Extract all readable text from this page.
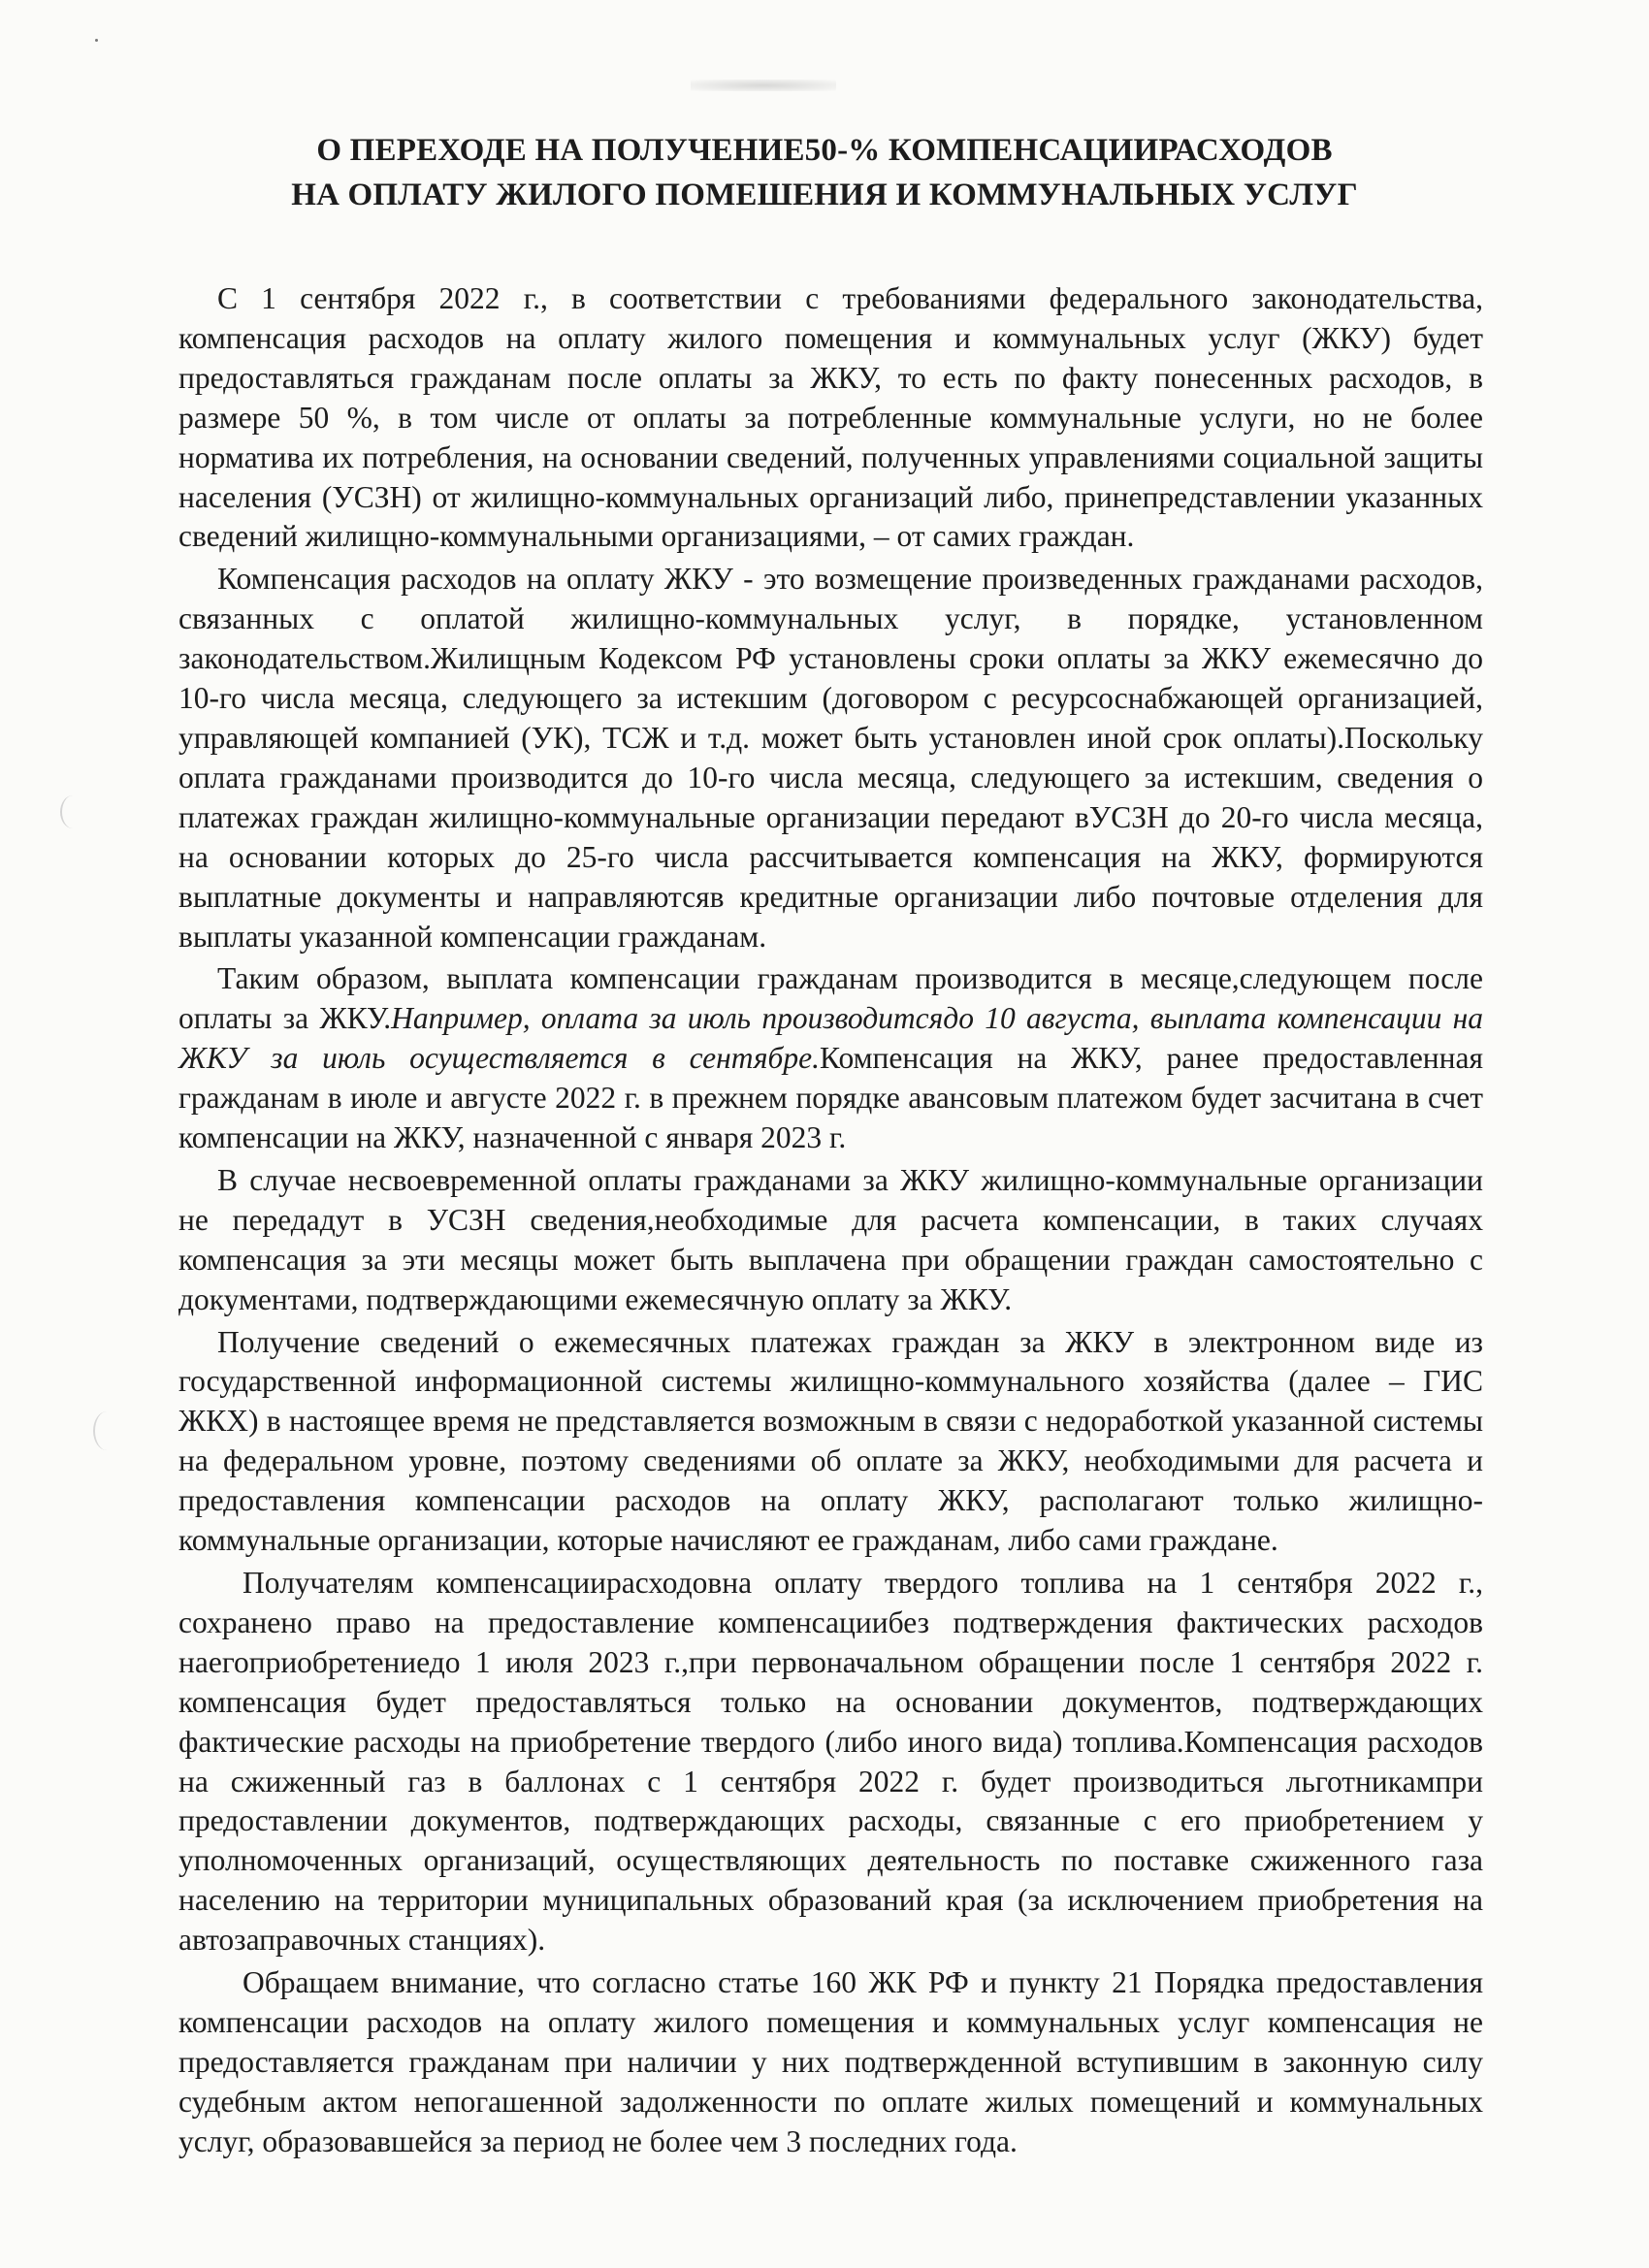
О ПЕРЕХОДЕ НА ПОЛУЧЕНИЕ50-% КОМПЕНСАЦИИРАСХОДОВ
НА ОПЛАТУ ЖИЛОГО ПОМЕШЕНИЯ И КОММУНАЛЬНЫХ УСЛУГ

С 1 сентября 2022 г., в соответствии с требованиями федерального законодательства, компенсация расходов на оплату жилого помещения и коммунальных услуг (ЖКУ) будет предоставляться гражданам после оплаты за ЖКУ, то есть по факту понесенных расходов, в размере 50 %, в том числе от оплаты за потребленные коммунальные услуги, но не более норматива их потребления, на основании сведений, полученных управлениями социальной защиты населения (УСЗН) от жилищно-коммунальных организаций либо, принепредставлении указанных сведений жилищно-коммунальными организациями, – от самих граждан.

Компенсация расходов на оплату ЖКУ - это возмещение произведенных гражданами расходов, связанных с оплатой жилищно-коммунальных услуг, в порядке, установленном законодательством.Жилищным Кодексом РФ установлены сроки оплаты за ЖКУ ежемесячно до 10-го числа месяца, следующего за истекшим (договором с ресурсоснабжающей организацией, управляющей компанией (УК), ТСЖ и т.д. может быть установлен иной срок оплаты).Поскольку оплата гражданами производится до 10-го числа месяца, следующего за истекшим, сведения о платежах граждан жилищно-коммунальные организации передают вУСЗН до 20-го числа месяца, на основании которых до 25-го числа рассчитывается компенсация на ЖКУ, формируются выплатные документы и направляютсяв кредитные организации либо почтовые отделения для выплаты указанной компенсации гражданам.

Таким образом, выплата компенсации гражданам производится в месяце,следующем после оплаты за ЖКУ.Например, оплата за июль производитсядо 10 августа, выплата компенсации на ЖКУ за июль осуществляется в сентябре.Компенсация на ЖКУ, ранее предоставленная гражданам в июле и августе 2022 г. в прежнем порядке авансовым платежом будет засчитана в счет компенсации на ЖКУ, назначенной с января 2023 г.

В случае несвоевременной оплаты гражданами за ЖКУ жилищно-коммунальные организации не передадут в УСЗН сведения,необходимые для расчета компенсации, в таких случаях компенсация за эти месяцы может быть выплачена при обращении граждан самостоятельно с документами, подтверждающими ежемесячную оплату за ЖКУ.

Получение сведений о ежемесячных платежах граждан за ЖКУ в электронном виде из государственной информационной системы жилищно-коммунального хозяйства (далее – ГИС ЖКХ) в настоящее время не представляется возможным в связи с недоработкой указанной системы на федеральном уровне, поэтому сведениями об оплате за ЖКУ, необходимыми для расчета и предоставления компенсации расходов на оплату ЖКУ, располагают только жилищно-коммунальные организации, которые начисляют ее гражданам, либо сами граждане.

Получателям компенсациирасходовна оплату твердого топлива на 1 сентября 2022 г., сохранено право на предоставление компенсациибез подтверждения фактических расходов наегоприобретениедо 1 июля 2023 г.,при первоначальном обращении после 1 сентября 2022 г. компенсация будет предоставляться только на основании документов, подтверждающих фактические расходы на приобретение твердого (либо иного вида) топлива.Компенсация расходов на сжиженный газ в баллонах с 1 сентября 2022 г. будет производиться льготникампри предоставлении документов, подтверждающих расходы, связанные с его приобретением у уполномоченных организаций, осуществляющих деятельность по поставке сжиженного газа населению на территории муниципальных образований края (за исключением приобретения на автозаправочных станциях).

Обращаем внимание, что согласно статье 160 ЖК РФ и пункту 21 Порядка предоставления компенсации расходов на оплату жилого помещения и коммунальных услуг компенсация не предоставляется гражданам при наличии у них подтвержденной вступившим в законную силу судебным актом непогашенной задолженности по оплате жилых помещений и коммунальных услуг, образовавшейся за период не более чем 3 последних года.
